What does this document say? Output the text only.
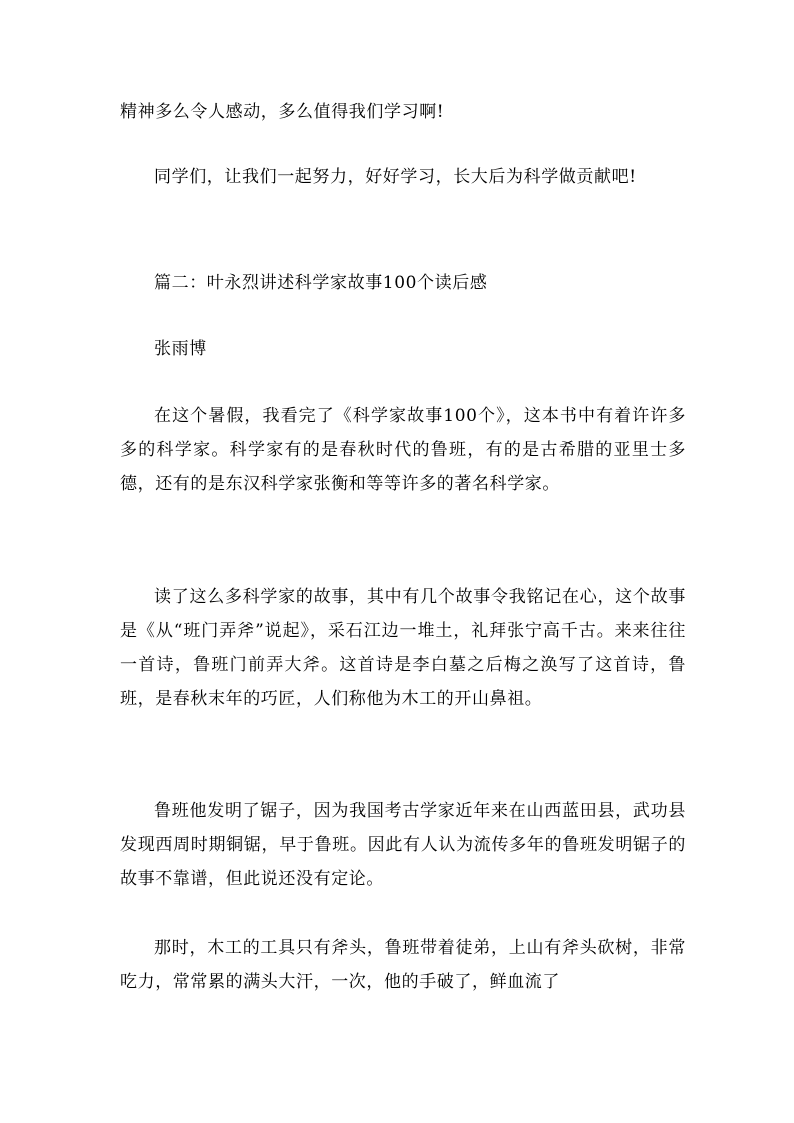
精神多么令人感动，多么值得我们学习啊!

同学们，让我们一起努力，好好学习，长大后为科学做贡献吧!

篇二：叶永烈讲述科学家故事100个读后感

张雨博

在这个暑假，我看完了《科学家故事100个》，这本书中有着许许多多的科学家。科学家有的是春秋时代的鲁班，有的是古希腊的亚里士多德，还有的是东汉科学家张衡和等等许多的著名科学家。

读了这么多科学家的故事，其中有几个故事令我铭记在心，这个故事是《从“班门弄斧”说起》，采石江边一堆土，礼拜张宁高千古。来来往往一首诗，鲁班门前弄大斧。这首诗是李白墓之后梅之涣写了这首诗，鲁班，是春秋末年的巧匠，人们称他为木工的开山鼻祖。

鲁班他发明了锯子，因为我国考古学家近年来在山西蓝田县，武功县发现西周时期铜锯，早于鲁班。因此有人认为流传多年的鲁班发明锯子的故事不靠谱，但此说还没有定论。

那时，木工的工具只有斧头，鲁班带着徒弟，上山有斧头砍树，非常吃力，常常累的满头大汗，一次，他的手破了，鲜血流了
